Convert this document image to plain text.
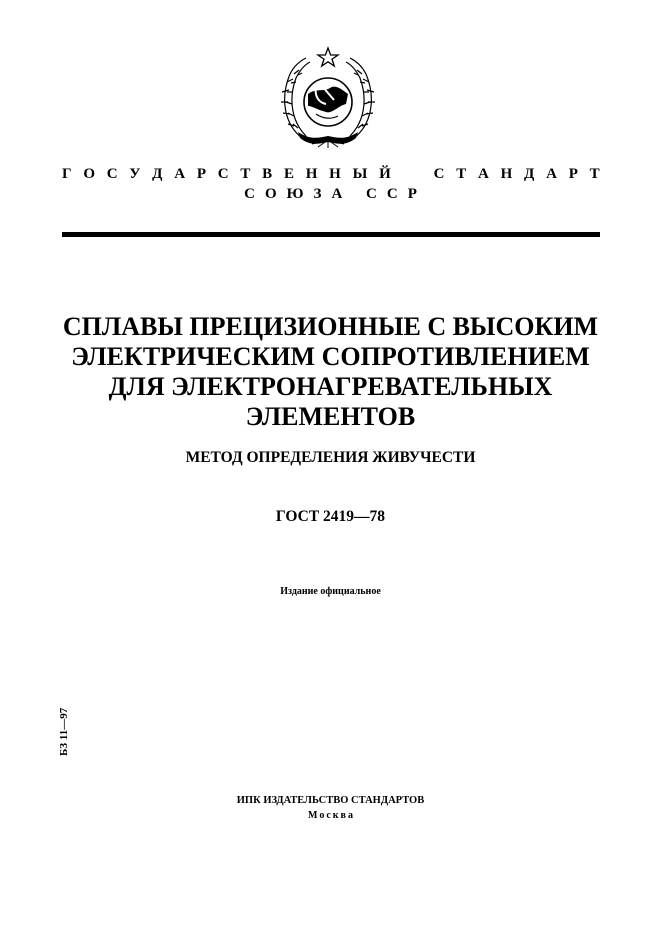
Г О С У Д А Р С Т В Е Н Н Ы Й

	С Т А Н Д А Р Т
СОЮЗА ССР
СПЛАВЫ ПРЕЦИЗИОННЫЕ С ВЫСОКИМ
ЭЛЕКТРИЧЕСКИМ СОПРОТИВЛЕНИЕМ
ДЛЯ ЭЛЕКТРОНАГРЕВАТЕЛЬНЫХ
ЭЛЕМЕНТОВ
МЕТОД ОПРЕДЕЛЕНИЯ ЖИВУЧЕСТИ
ГОСТ 2419—78
Издание официальное
БЗ 11—97
ИПК ИЗДАТЕЛЬСТВО СТАНДАРТОВ
Москва
